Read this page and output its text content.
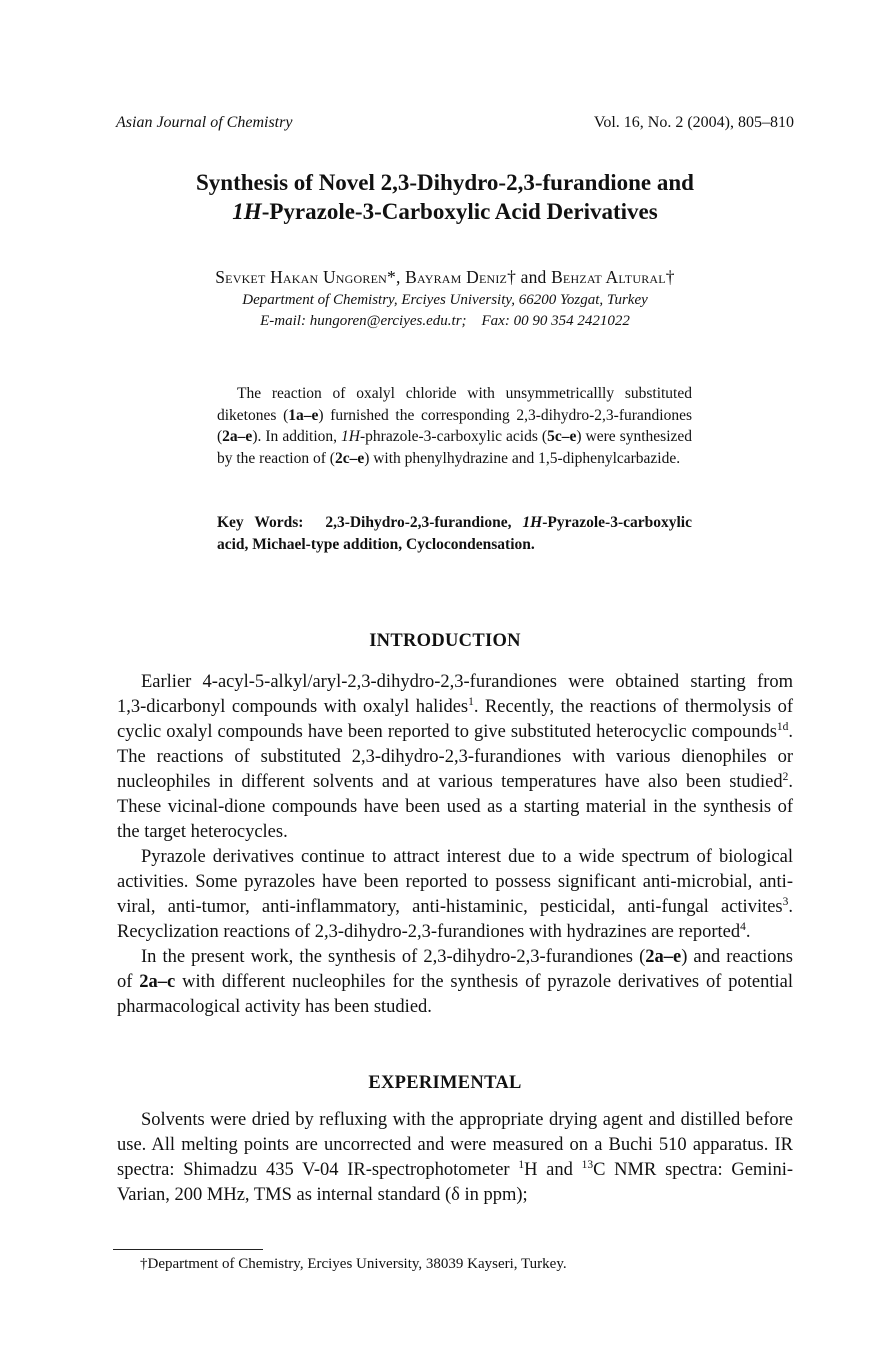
Asian Journal of Chemistry	Vol. 16, No. 2 (2004), 805–810
Synthesis of Novel 2,3-Dihydro-2,3-furandione and
1H-Pyrazole-3-Carboxylic Acid Derivatives
Sevket Hakan Ungoren*, Bayram Deniz† and Behzat Altural†
Department of Chemistry, Erciyes University, 66200 Yozgat, Turkey
E-mail: hungoren@erciyes.edu.tr;    Fax: 00 90 354 2421022
The reaction of oxalyl chloride with unsymmetricallly substituted diketones (1a–e) furnished the corresponding 2,3-dihydro-2,3-furandiones (2a–e). In addition, 1H-phrazole-3-carboxylic acids (5c–e) were synthesized by the reaction of (2c–e) with phenylhydrazine and 1,5-diphenylcarbazide.
Key Words: 2,3-Dihydro-2,3-furandione, 1H-Pyrazole-3-carboxylic acid, Michael-type addition, Cyclocondensation.
INTRODUCTION

Earlier 4-acyl-5-alkyl/aryl-2,3-dihydro-2,3-furandiones were obtained starting from 1,3-dicarbonyl compounds with oxalyl halides$^1$. Recently, the reactions of thermolysis of cyclic oxalyl compounds have been reported to give substituted heterocyclic compounds$^{1d}$. The reactions of substituted 2,3-dihydro-2,3-furandiones with various dienophiles or nucleophiles in different solvents and at various temperatures have also been studied$^2$. These vicinal-dione compounds have been used as a starting material in the synthesis of the target heterocycles.

Pyrazole derivatives continue to attract interest due to a wide spectrum of biological activities. Some pyrazoles have been reported to possess significant anti-microbial, anti-viral, anti-tumor, anti-inflammatory, anti-histaminic, pesticidal, anti-fungal activites$^3$. Recyclization reactions of 2,3-dihydro-2,3-furandiones with hydrazines are reported$^4$.

In the present work, the synthesis of 2,3-dihydro-2,3-furandiones (2a–e) and reactions of 2a–c with different nucleophiles for the synthesis of pyrazole derivatives of potential pharmacological activity has been studied.

EXPERIMENTAL

Solvents were dried by refluxing with the appropriate drying agent and distilled before use. All melting points are uncorrected and were measured on a Buchi 510 apparatus. IR spectra: Shimadzu 435 V-04 IR-spectrophotometer $^1$H and $^{13}$C NMR spectra: Gemini-Varian, 200 MHz, TMS as internal standard (δ in ppm);

†Department of Chemistry, Erciyes University, 38039 Kayseri, Turkey.
